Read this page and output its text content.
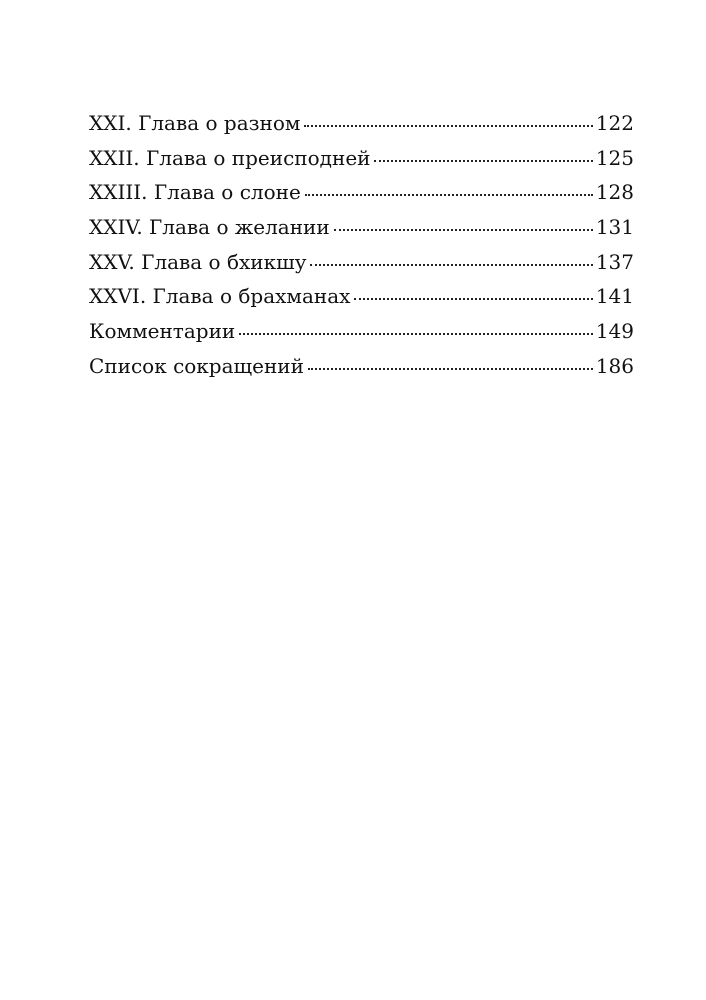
XXI. Глава о разном	122
XXII. Глава о преисподней	125
XXIII. Глава о слоне	128
XXIV. Глава о желании	131
XXV. Глава о бхикшу	137
XXVI. Глава о брахманах	141
Комментарии	149
Список сокращений	186
